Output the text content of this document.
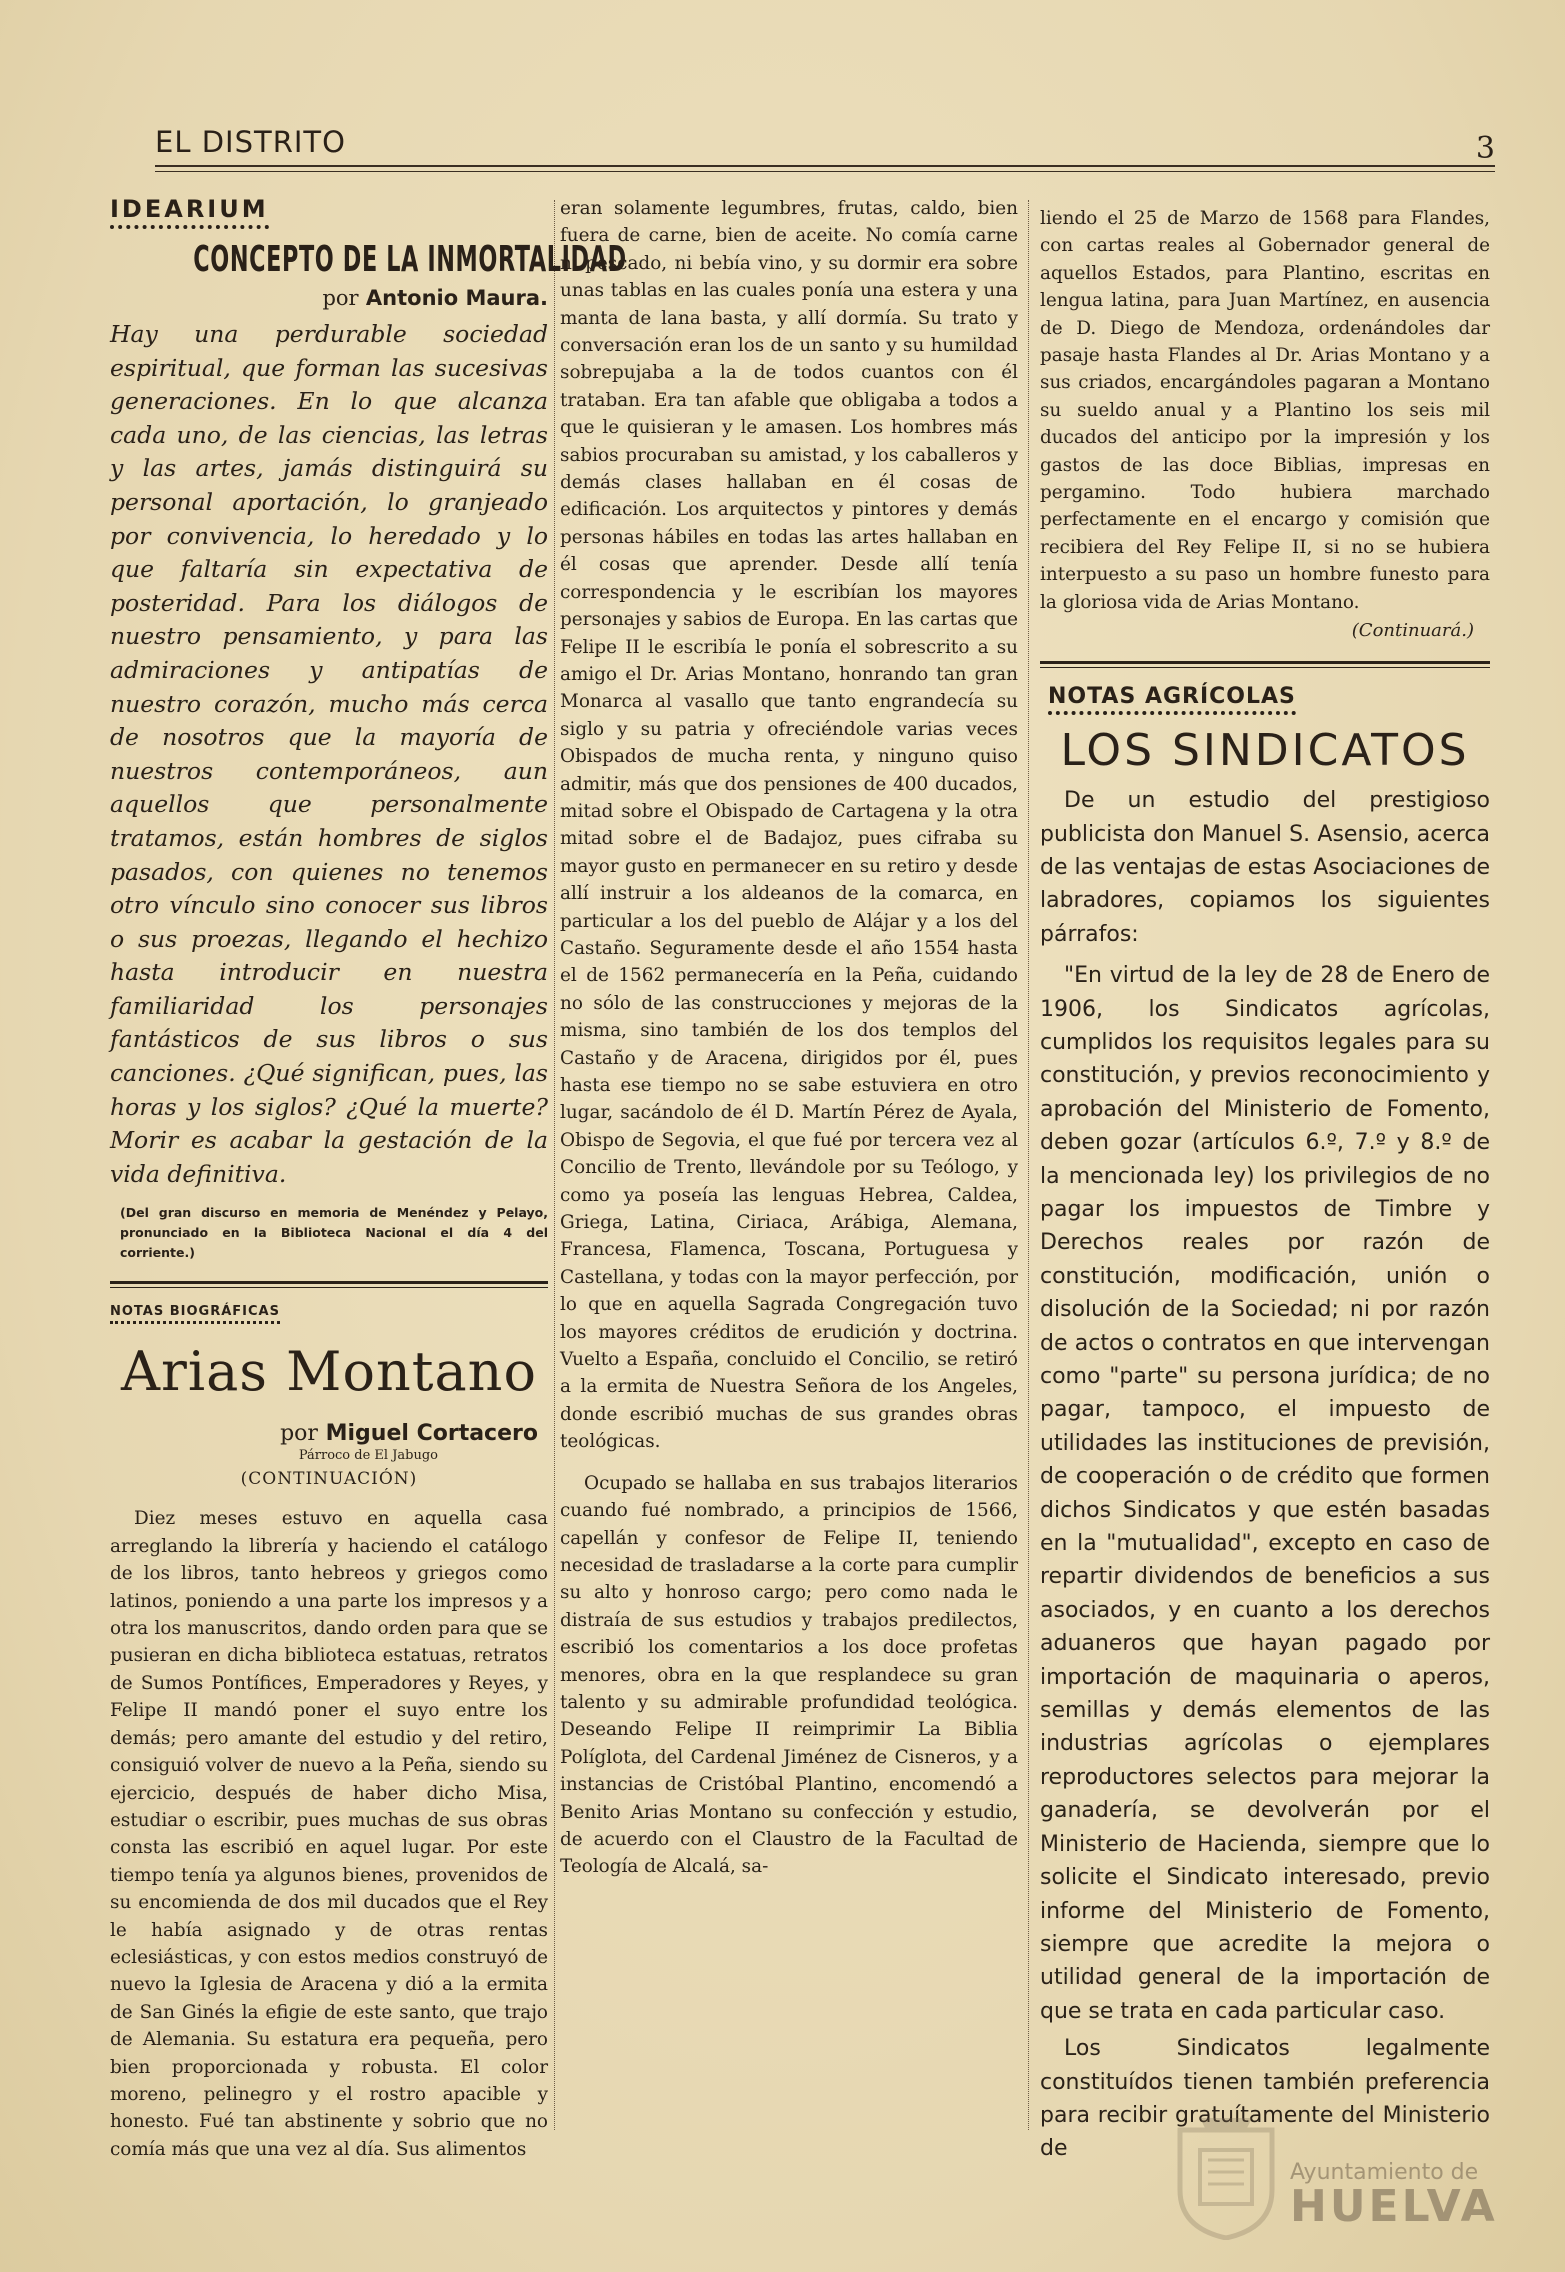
EL DISTRITO	3
IDEARIUM
CONCEPTO DE LA INMORTALIDAD
por Antonio Maura.

Hay una perdurable sociedad espiritual, que forman las sucesivas generaciones. En lo que alcanza cada uno, de las ciencias, las letras y las artes, jamás distinguirá su personal aportación, lo granjeado por convivencia, lo heredado y lo que faltaría sin expectativa de posteridad. Para los diálogos de nuestro pensamiento, y para las admiraciones y antipatías de nuestro corazón, mucho más cerca de nosotros que la mayoría de nuestros contemporáneos, aun aquellos que personalmente tratamos, están hombres de siglos pasados, con quienes no tenemos otro vínculo sino conocer sus libros o sus proezas, llegando el hechizo hasta introducir en nuestra familiaridad los personajes fantásticos de sus libros o sus canciones. ¿Qué significan, pues, las horas y los siglos? ¿Qué la muerte? Morir es acabar la gestación de la vida definitiva.

(Del gran discurso en memoria de Menéndez y Pelayo, pronunciado en la Biblioteca Nacional el día 4 del corriente.)

NOTAS BIOGRÁFICAS
Arias Montano
por Miguel Cortacero
Párroco de El Jabugo
(CONTINUACIÓN)

Diez meses estuvo en aquella casa arreglando la librería y haciendo el catálogo de los libros, tanto hebreos y griegos como latinos, poniendo a una parte los impresos y a otra los manuscritos, dando orden para que se pusieran en dicha biblioteca estatuas, retratos de Sumos Pontífices, Emperadores y Reyes, y Felipe II mandó poner el suyo entre los demás; pero amante del estudio y del retiro, consiguió volver de nuevo a la Peña, siendo su ejercicio, después de haber dicho Misa, estudiar o escribir, pues muchas de sus obras consta las escribió en aquel lugar. Por este tiempo tenía ya algunos bienes, provenidos de su encomienda de dos mil ducados que el Rey le había asignado y de otras rentas eclesiásticas, y con estos medios construyó de nuevo la Iglesia de Aracena y dió a la ermita de San Ginés la efigie de este santo, que trajo de Alemania. Su estatura era pequeña, pero bien proporcionada y robusta. El color moreno, pelinegro y el rostro apacible y honesto. Fué tan abstinente y sobrio que no comía más que una vez al día. Sus alimentos

eran solamente legumbres, frutas, caldo, bien fuera de carne, bien de aceite. No comía carne ni pescado, ni bebía vino, y su dormir era sobre unas tablas en las cuales ponía una estera y una manta de lana basta, y allí dormía. Su trato y conversación eran los de un santo y su humildad sobrepujaba a la de todos cuantos con él trataban. Era tan afable que obligaba a todos a que le quisieran y le amasen. Los hombres más sabios procuraban su amistad, y los caballeros y demás clases hallaban en él cosas de edificación. Los arquitectos y pintores y demás personas hábiles en todas las artes hallaban en él cosas que aprender. Desde allí tenía correspondencia y le escribían los mayores personajes y sabios de Europa. En las cartas que Felipe II le escribía le ponía el sobrescrito a su amigo el Dr. Arias Montano, honrando tan gran Monarca al vasallo que tanto engrandecía su siglo y su patria y ofreciéndole varias veces Obispados de mucha renta, y ninguno quiso admitir, más que dos pensiones de 400 ducados, mitad sobre el Obispado de Cartagena y la otra mitad sobre el de Badajoz, pues cifraba su mayor gusto en permanecer en su retiro y desde allí instruir a los aldeanos de la comarca, en particular a los del pueblo de Alájar y a los del Castaño. Seguramente desde el año 1554 hasta el de 1562 permanecería en la Peña, cuidando no sólo de las construcciones y mejoras de la misma, sino también de los dos templos del Castaño y de Aracena, dirigidos por él, pues hasta ese tiempo no se sabe estuviera en otro lugar, sacándolo de él D. Martín Pérez de Ayala, Obispo de Segovia, el que fué por tercera vez al Concilio de Trento, llevándole por su Teólogo, y como ya poseía las lenguas Hebrea, Caldea, Griega, Latina, Ciriaca, Arábiga, Alemana, Francesa, Flamenca, Toscana, Portuguesa y Castellana, y todas con la mayor perfección, por lo que en aquella Sagrada Congregación tuvo los mayores créditos de erudición y doctrina. Vuelto a España, concluido el Concilio, se retiró a la ermita de Nuestra Señora de los Angeles, donde escribió muchas de sus grandes obras teológicas.

Ocupado se hallaba en sus trabajos literarios cuando fué nombrado, a principios de 1566, capellán y confesor de Felipe II, teniendo necesidad de trasladarse a la corte para cumplir su alto y honroso cargo; pero como nada le distraía de sus estudios y trabajos predilectos, escribió los comentarios a los doce profetas menores, obra en la que resplandece su gran talento y su admirable profundidad teológica. Deseando Felipe II reimprimir La Biblia Políglota, del Cardenal Jiménez de Cisneros, y a instancias de Cristóbal Plantino, encomendó a Benito Arias Montano su confección y estudio, de acuerdo con el Claustro de la Facultad de Teología de Alcalá, sa-

liendo el 25 de Marzo de 1568 para Flandes, con cartas reales al Gobernador general de aquellos Estados, para Plantino, escritas en lengua latina, para Juan Martínez, en ausencia de D. Diego de Mendoza, ordenándoles dar pasaje hasta Flandes al Dr. Arias Montano y a sus criados, encargándoles pagaran a Montano su sueldo anual y a Plantino los seis mil ducados del anticipo por la impresión y los gastos de las doce Biblias, impresas en pergamino. Todo hubiera marchado perfectamente en el encargo y comisión que recibiera del Rey Felipe II, si no se hubiera interpuesto a su paso un hombre funesto para la gloriosa vida de Arias Montano.

(Continuará.)
NOTAS AGRÍCOLAS
LOS SINDICATOS

De un estudio del prestigioso publicista don Manuel S. Asensio, acerca de las ventajas de estas Asociaciones de labradores, copiamos los siguientes párrafos:

"En virtud de la ley de 28 de Enero de 1906, los Sindicatos agrícolas, cumplidos los requisitos legales para su constitución, y previos reconocimiento y aprobación del Ministerio de Fomento, deben gozar (artículos 6.º, 7.º y 8.º de la mencionada ley) los privilegios de no pagar los impuestos de Timbre y Derechos reales por razón de constitución, modificación, unión o disolución de la Sociedad; ni por razón de actos o contratos en que intervengan como "parte" su persona jurídica; de no pagar, tampoco, el impuesto de utilidades las instituciones de previsión, de cooperación o de crédito que formen dichos Sindicatos y que estén basadas en la "mutualidad", excepto en caso de repartir dividendos de beneficios a sus asociados, y en cuanto a los derechos aduaneros que hayan pagado por importación de maquinaria o aperos, semillas y demás elementos de las industrias agrícolas o ejemplares reproductores selectos para mejorar la ganadería, se devolverán por el Ministerio de Hacienda, siempre que lo solicite el Sindicato interesado, previo informe del Ministerio de Fomento, siempre que acredite la mejora o utilidad general de la importación de que se trata en cada particular caso.

Los Sindicatos legalmente constituídos tienen también preferencia para recibir gratuítamente del Ministerio de

Ayuntamiento de
HUELVA
